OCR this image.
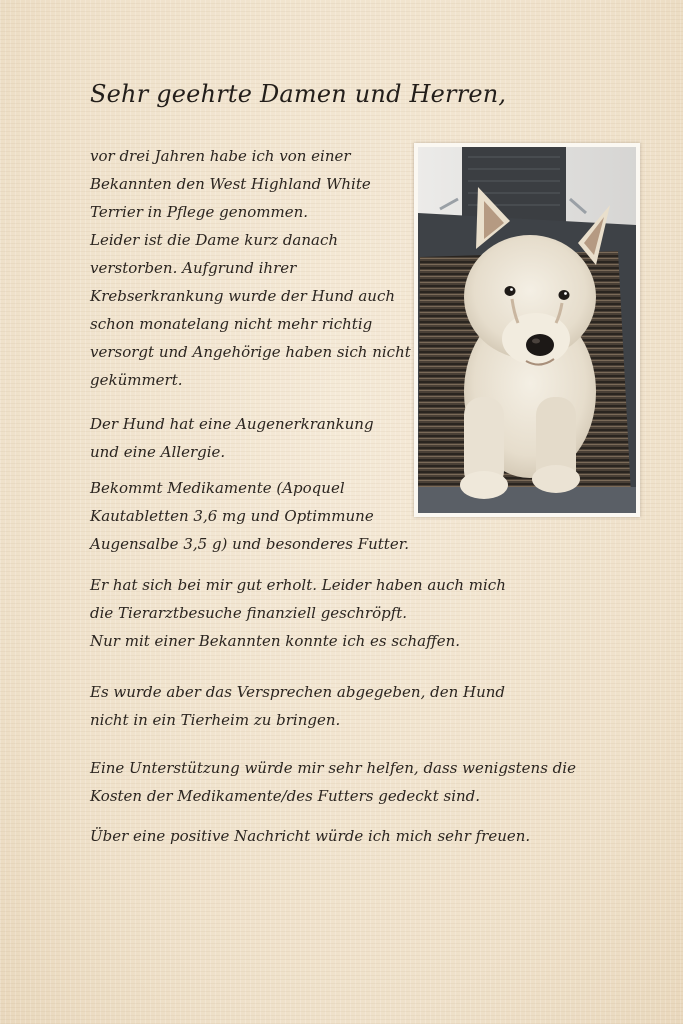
Sehr geehrte Damen und Herren,

vor drei Jahren habe ich von einer
Bekannten den West Highland White
Terrier in Pflege genommen.

Leider ist die Dame kurz danach
verstorben. Aufgrund ihrer
Krebserkrankung wurde der Hund auch
schon monatelang nicht mehr richtig
versorgt und Angehörige haben sich nicht
gekümmert.

Der Hund hat eine Augenerkrankung
und eine Allergie.

Bekommt Medikamente (Apoquel
Kautabletten 3,6 mg und Optimmune
Augensalbe 3,5 g) und besonderes Futter.

Er hat sich bei mir gut erholt. Leider haben auch mich
die Tierarztbesuche finanziell geschröpft.
Nur mit einer Bekannten konnte ich es schaffen.

Es wurde aber das Versprechen abgegeben, den Hund
nicht in ein Tierheim zu bringen.

Eine Unterstützung würde mir sehr helfen, dass wenigstens die
Kosten der Medikamente/des Futters gedeckt sind.

Über eine positive Nachricht würde ich mich sehr freuen.
